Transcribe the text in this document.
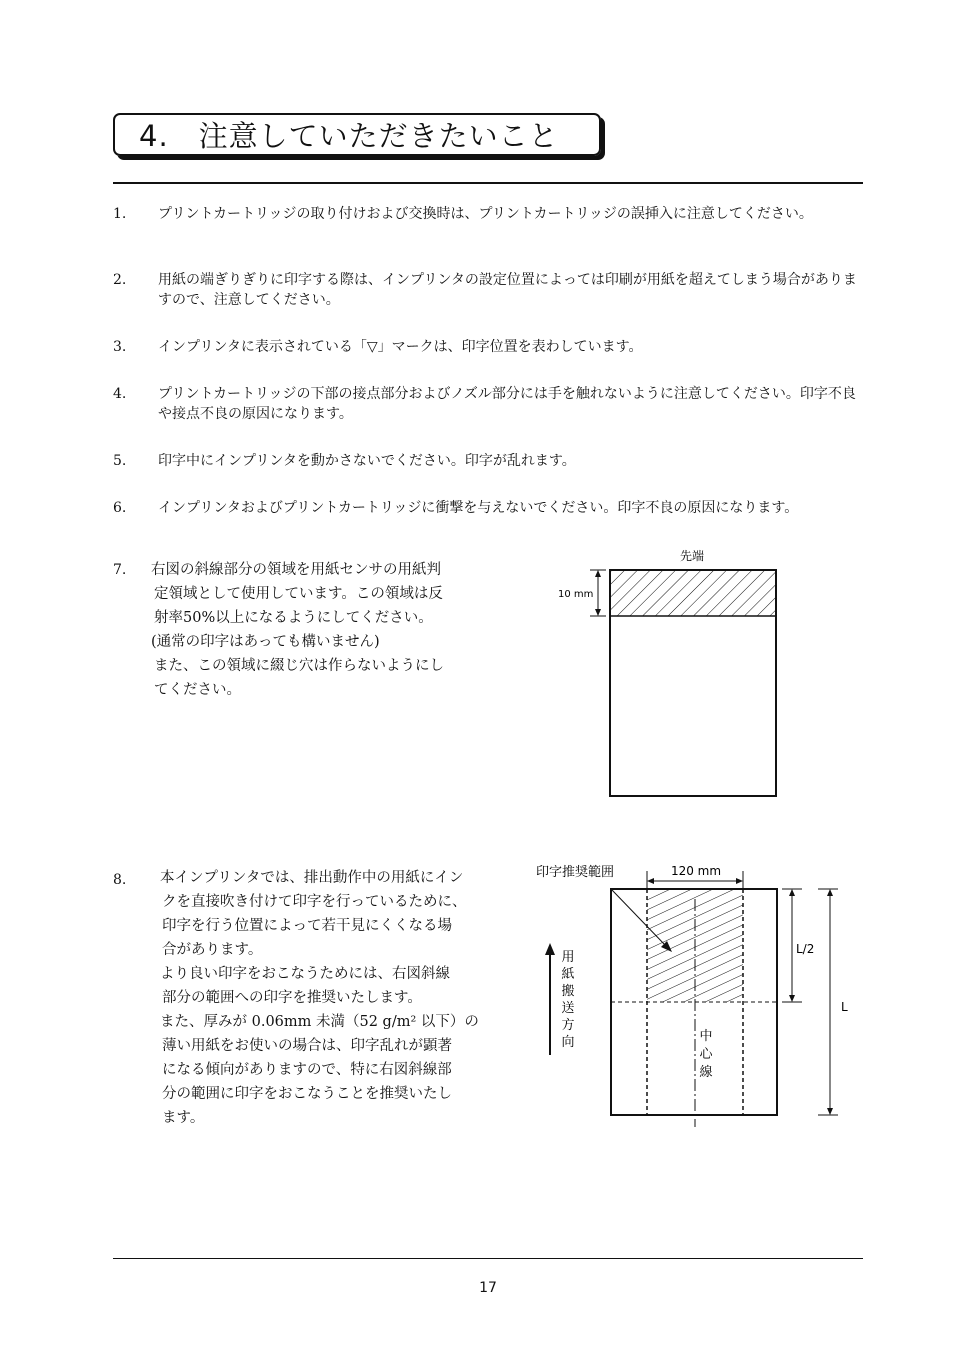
4.　注意していただきたいこと
1. プリントカートリッジの取り付けおよび交換時は、プリントカートリッジの誤挿入に注意してください。
2. 用紙の端ぎりぎりに印字する際は、インプリンタの設定位置によっては印刷が用紙を超えてしまう場合がありますので、注意してください。
3. インプリンタに表示されている「▽」マークは、印字位置を表わしています。
4. プリントカートリッジの下部の接点部分およびノズル部分には手を触れないように注意してください。印字不良や接点不良の原因になります。
5. 印字中にインプリンタを動かさないでください。印字が乱れます。
6. インプリンタおよびプリントカートリッジに衝撃を与えないでください。印字不良の原因になります。
7. 右図の斜線部分の領域を用紙センサの用紙判
定領域として使用しています。この領域は反
射率50%以上になるようにしてください。
(通常の印字はあっても構いません)
また、この領域に綴じ穴は作らないようにし
てください。
先端
10 mm
8. 本インプリンタでは、排出動作中の用紙にイン
クを直接吹き付けて印字を行っているために、
印字を行う位置によって若干見にくくなる場
合があります。
より良い印字をおこなうためには、右図斜線
部分の範囲への印字を推奨いたします。
また、厚みが 0.06mm 未満（52 g/m² 以下）の
薄い用紙をお使いの場合は、印字乱れが顕著
になる傾向がありますので、特に右図斜線部
分の範囲に印字をおこなうことを推奨いたし
ます。
印字推奨範囲	120 mm
L/2
L
用
紙
搬
送
方
向	中
心
線
17
